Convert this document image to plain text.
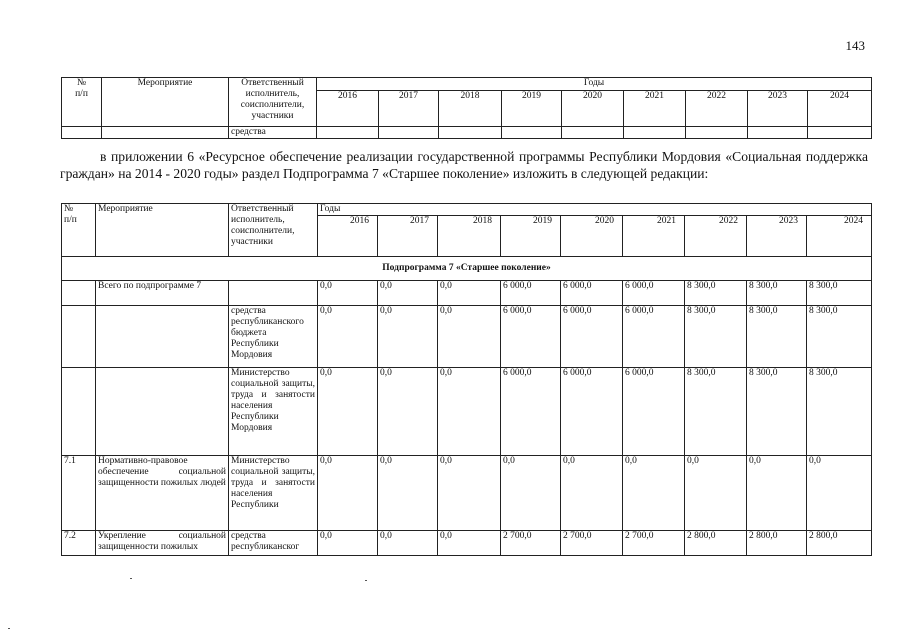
143
№
п/п	Мероприятие	Ответственный исполнитель, соисполнители, участники	Годы								
			2016	2017	2018	2019	2020	2021	2022	2023	2024
		средства									
в приложении 6 «Ресурсное обеспечение реализации государственной программы Республики Мордовия «Социальная поддержка граждан» на 2014 - 2020 годы» раздел Подпрограмма 7 «Старшее поколение» изложить в следующей редакции:
№
п/п	Мероприятие	Ответственный исполнитель, соисполнители, участники	Годы								
			2016	2017	2018	2019	2020	2021	2022	2023	2024
Подпрограмма 7 «Старшее поколение»											
	Всего по подпрограмме 7		0,0	0,0	0,0	6 000,0	6 000,0	6 000,0	8 300,0	8 300,0	8 300,0
		средства республиканского бюджета Республики Мордовия	0,0	0,0	0,0	6 000,0	6 000,0	6 000,0	8 300,0	8 300,0	8 300,0
		Министерство социальной защиты, труда и занятости населения Республики Мордовия	0,0	0,0	0,0	6 000,0	6 000,0	6 000,0	8 300,0	8 300,0	8 300,0
7.1	Нормативно-правовое обеспечение социальной защищенности пожилых людей	Министерство социальной защиты, труда и занятости населения Республики	0,0	0,0	0,0	0,0	0,0	0,0	0,0	0,0	0,0
7.2	Укрепление социальной защищенности пожилых	средства республиканског	0,0	0,0	0,0	2 700,0	2 700,0	2 700,0	2 800,0	2 800,0	2 800,0
